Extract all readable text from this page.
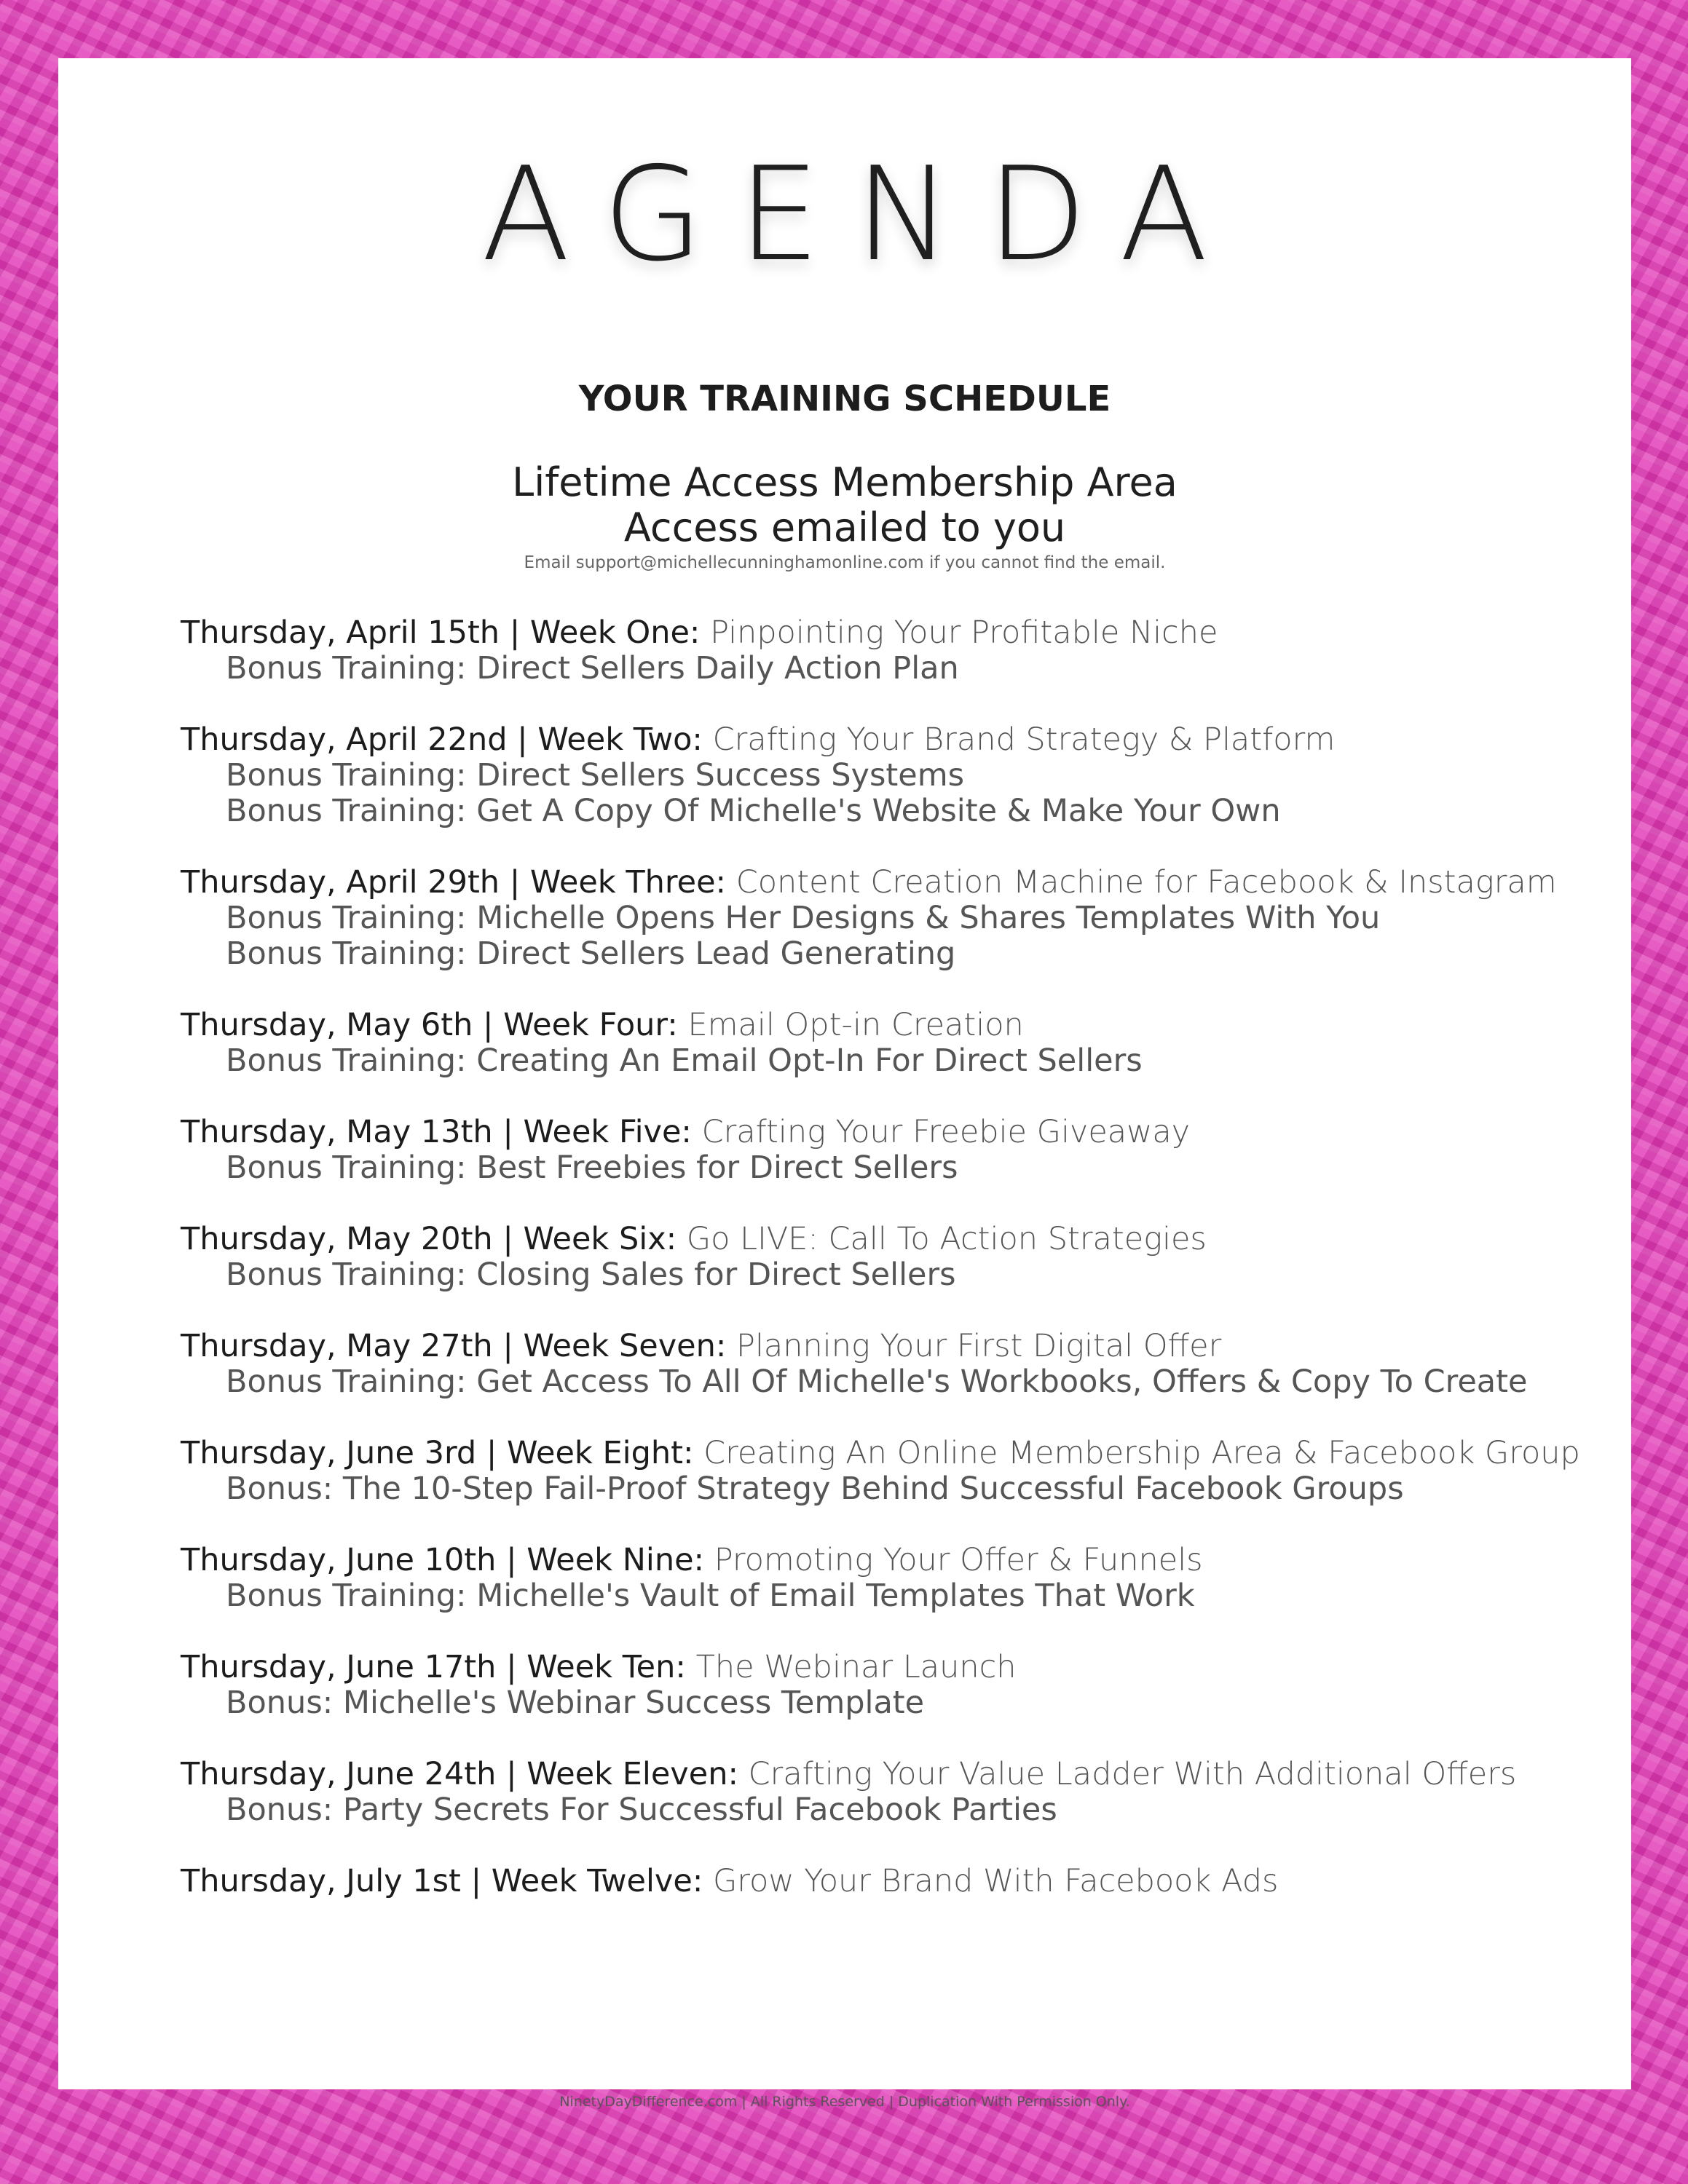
AGENDA
YOUR TRAINING SCHEDULE
Lifetime Access Membership Area
Access emailed to you
Email support@michellecunninghamonline.com if you cannot find the email.
Thursday, April 15th | Week One: Pinpointing Your Profitable Niche
Bonus Training: Direct Sellers Daily Action Plan
Thursday, April 22nd | Week Two: Crafting Your Brand Strategy & Platform
Bonus Training: Direct Sellers Success Systems
Bonus Training: Get A Copy Of Michelle's Website & Make Your Own
Thursday, April 29th | Week Three: Content Creation Machine for Facebook & Instagram
Bonus Training: Michelle Opens Her Designs & Shares Templates With You
Bonus Training: Direct Sellers Lead Generating
Thursday, May 6th | Week Four: Email Opt-in Creation
Bonus Training: Creating An Email Opt-In For Direct Sellers
Thursday, May 13th | Week Five: Crafting Your Freebie Giveaway
Bonus Training: Best Freebies for Direct Sellers
Thursday, May 20th | Week Six: Go LIVE: Call To Action Strategies
Bonus Training: Closing Sales for Direct Sellers
Thursday, May 27th | Week Seven: Planning Your First Digital Offer
Bonus Training: Get Access To All Of Michelle's Workbooks, Offers & Copy To Create
Thursday, June 3rd | Week Eight: Creating An Online Membership Area & Facebook Group
Bonus: The 10-Step Fail-Proof Strategy Behind Successful Facebook Groups
Thursday, June 10th | Week Nine: Promoting Your Offer & Funnels
Bonus Training: Michelle's Vault of Email Templates That Work
Thursday, June 17th | Week Ten: The Webinar Launch
Bonus: Michelle's Webinar Success Template
Thursday, June 24th | Week Eleven: Crafting Your Value Ladder With Additional Offers
Bonus: Party Secrets For Successful Facebook Parties
Thursday, July 1st | Week Twelve: Grow Your Brand With Facebook Ads
NinetyDayDifference.com | All Rights Reserved | Duplication With Permission Only.
